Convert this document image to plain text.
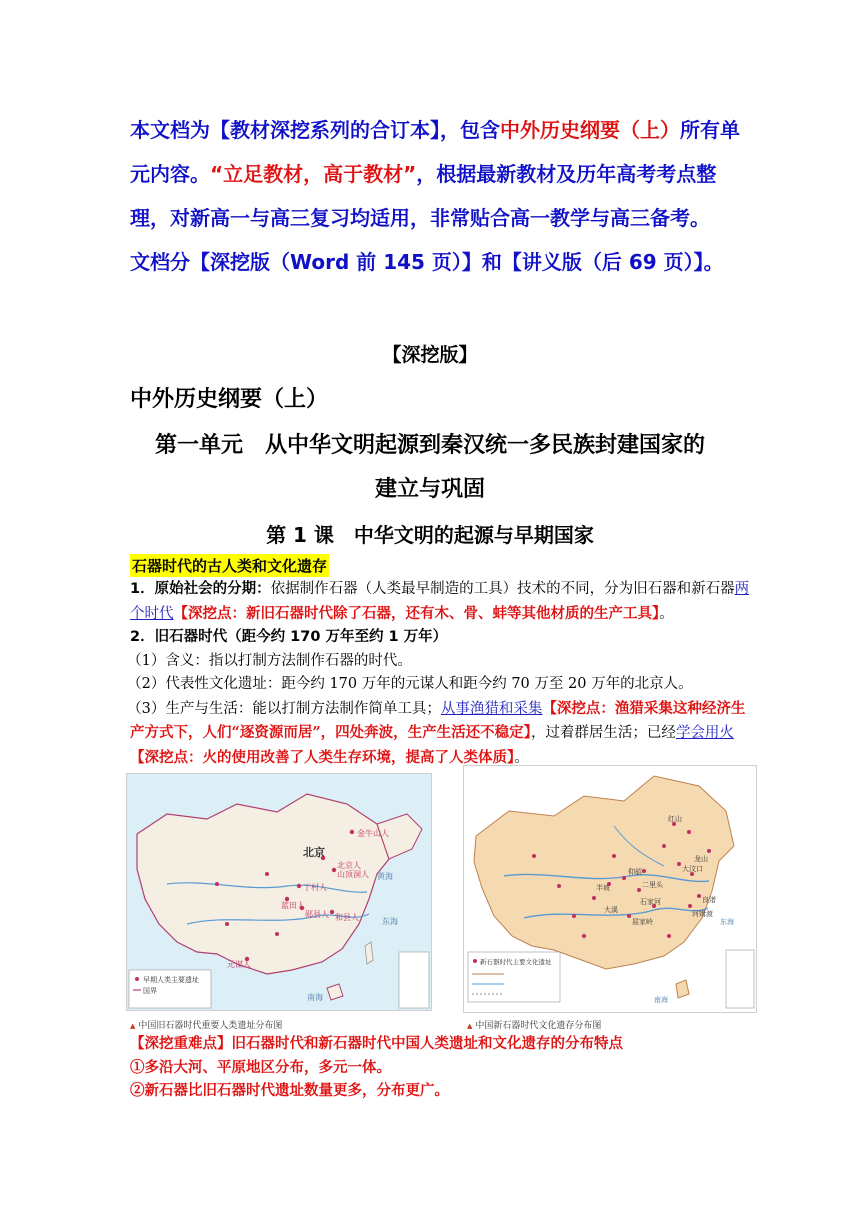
本文档为【教材深挖系列的合订本】，包含中外历史纲要（上）所有单元内容。“立足教材，高于教材”，根据最新教材及历年高考考点整理，对新高一与高三复习均适用，非常贴合高一教学与高三备考。
文档分【深挖版（Word 前 145 页）】和【讲义版（后 69 页）】。
【深挖版】
中外历史纲要（上）
第一单元　从中华文明起源到秦汉统一多民族封建国家的
建立与巩固
第 1 课　中华文明的起源与早期国家
石器时代的古人类和文化遗存

1．原始社会的分期：依据制作石器（人类最早制造的工具）技术的不同，分为旧石器和新石器两个时代【深挖点：新旧石器时代除了石器，还有木、骨、蚌等其他材质的生产工具】。

2．旧石器时代（距今约 170 万年至约 1 万年）

（1）含义：指以打制方法制作石器的时代。

（2）代表性文化遗址：距今约 170 万年的元谋人和距今约 70 万至 20 万年的北京人。

（3）生产与生活：能以打制方法制作简单工具；从事渔猎和采集【深挖点：渔猎采集这种经济生产方式下，人们“逐资源而居”，四处奔波，生产生活还不稳定】，过着群居生活；已经学会用火【深挖点：火的使用改善了人类生存环境，提高了人类体质】。

北京
金牛山人
北京人
山顶洞人
丁村人
蓝田人
郧县人 和县人
元谋人
东海
南海
黄海
早期人类主要遗址
国界
▲ 中国旧石器时代重要人类遗址分布图
红山
大汶口
龙山
河姆渡
良渚
仰韶
半坡	二里头
石家河
屈家岭
大溪
东海
南海
新石器时代主要文化遗址
▲ 中国新石器时代文化遗存分布图

【深挖重难点】旧石器时代和新石器时代中国人类遗址和文化遗存的分布特点

①多沿大河、平原地区分布，多元一体。

②新石器比旧石器时代遗址数量更多，分布更广。
